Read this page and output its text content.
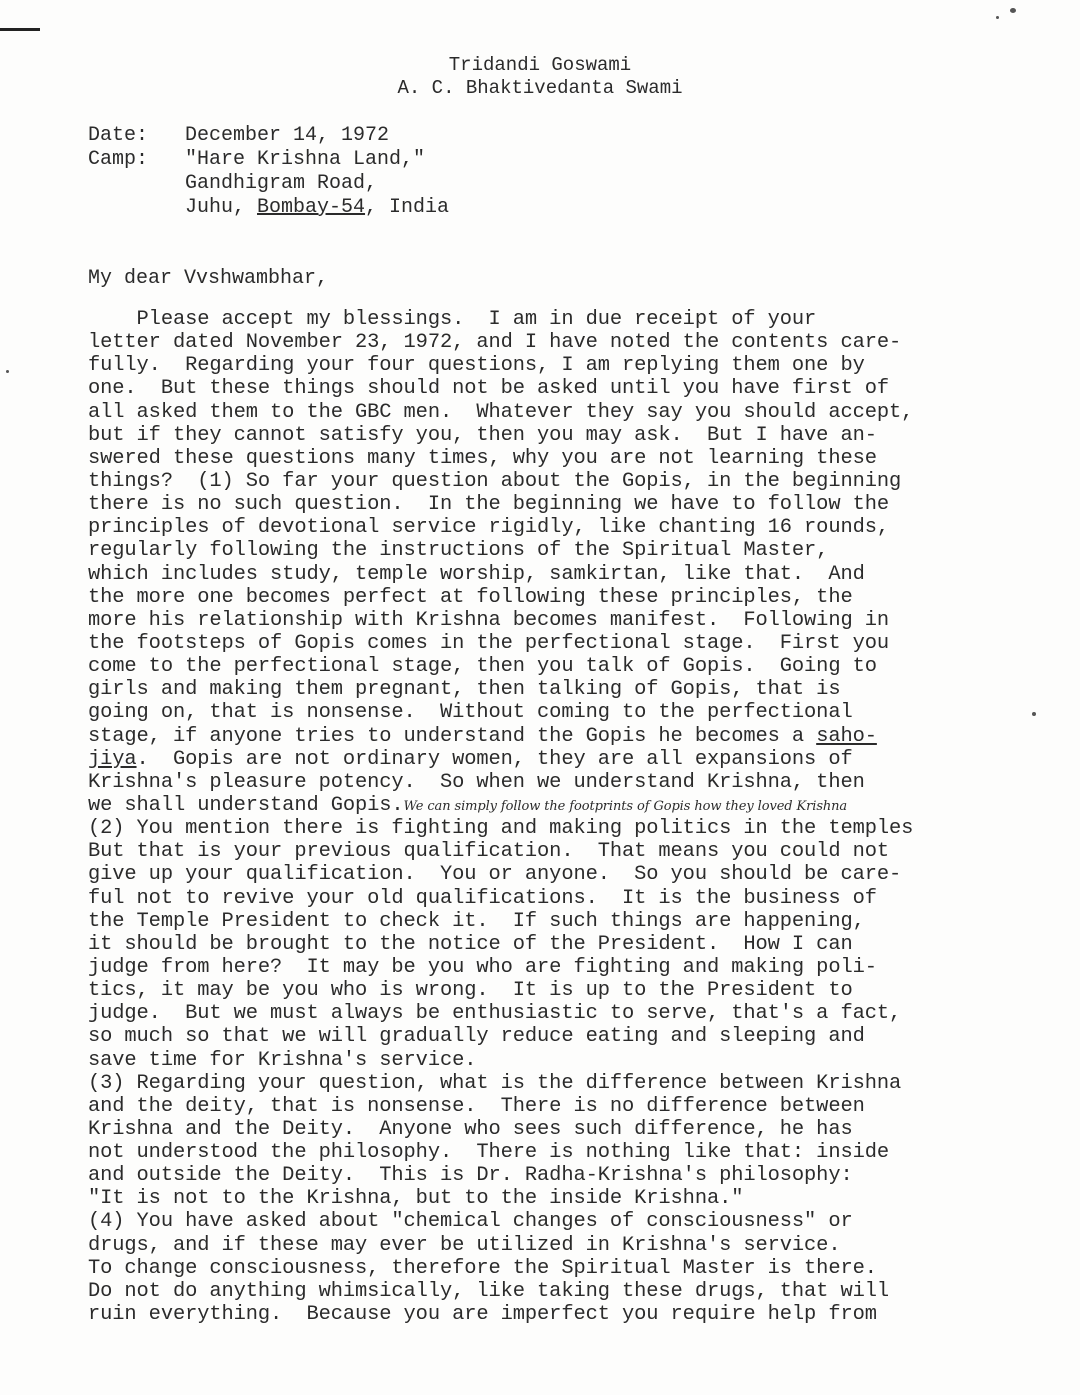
Tridandi Goswami
A. C. Bhaktivedanta Swami
Date:	December 14, 1972
Camp:	"Hare Krishna Land,"
Gandhigram Road,
Juhu, Bombay-54 , India
My dear Vvshwambhar,
Please accept my blessings.  I am in due receipt of your
letter dated November 23, 1972, and I have noted the contents care-
fully.  Regarding your four questions, I am replying them one by
one.  But these things should not be asked until you have first of
all asked them to the GBC men.  Whatever they say you should accept,
but if they cannot satisfy you, then you may ask.  But I have an-
swered these questions many times, why you are not learning these
things?  (1) So far your question about the Gopis, in the beginning
there is no such question.  In the beginning we have to follow the
principles of devotional service rigidly, like chanting 16 rounds,
regularly following the instructions of the Spiritual Master,
which includes study, temple worship, samkirtan, like that.  And
the more one becomes perfect at following these principles, the
more his relationship with Krishna becomes manifest.  Following in
the footsteps of Gopis comes in the perfectional stage.  First you
come to the perfectional stage, then you talk of Gopis.  Going to
girls and making them pregnant, then talking of Gopis, that is
going on, that is nonsense.  Without coming to the perfectional
stage, if anyone tries to understand the Gopis he becomes a saho-
jiya.  Gopis are not ordinary women, they are all expansions of
Krishna's pleasure potency.  So when we understand Krishna, then
we shall understand Gopis.We can simply follow the footprints of Gopis how they loved Krishna
(2) You mention there is fighting and making politics in the temples
But that is your previous qualification.  That means you could not
give up your qualification.  You or anyone.  So you should be care-
ful not to revive your old qualifications.  It is the business of
the Temple President to check it.  If such things are happening,
it should be brought to the notice of the President.  How I can
judge from here?  It may be you who are fighting and making poli-
tics, it may be you who is wrong.  It is up to the President to
judge.  But we must always be enthusiastic to serve, that's a fact,
so much so that we will gradually reduce eating and sleeping and
save time for Krishna's service.
(3) Regarding your question, what is the difference between Krishna
and the deity, that is nonsense.  There is no difference between
Krishna and the Deity.  Anyone who sees such difference, he has
not understood the philosophy.  There is nothing like that: inside
and outside the Deity.  This is Dr. Radha-Krishna's philosophy:
"It is not to the Krishna, but to the inside Krishna."
(4) You have asked about "chemical changes of consciousness" or
drugs, and if these may ever be utilized in Krishna's service.
To change consciousness, therefore the Spiritual Master is there.
Do not do anything whimsically, like taking these drugs, that will
ruin everything.  Because you are imperfect you require help from
